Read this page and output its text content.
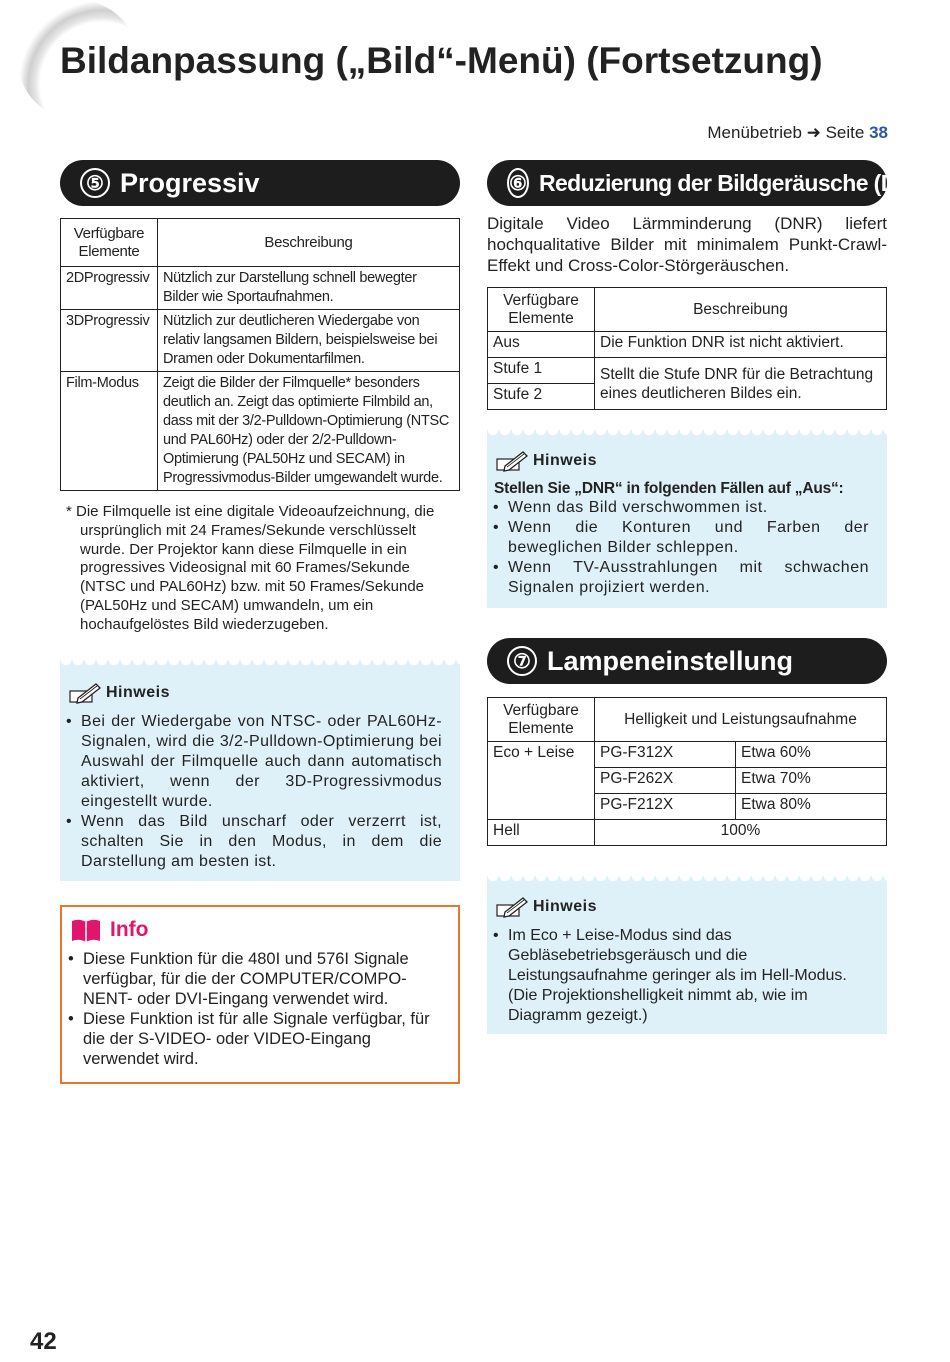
Bildanpassung („Bild“-Menü) (Fortsetzung)
Menübetrieb ➜ Seite 38
⑤ Progressiv
Verfügbare Elemente	Beschreibung
2DProgressiv	Nützlich zur Darstellung schnell bewegter Bilder wie Sportaufnahmen.
3DProgressiv	Nützlich zur deutlicheren Wiedergabe von relativ langsamen Bildern, beispielsweise bei Dramen oder Dokumentarfilmen.
Film-Modus	Zeigt die Bilder der Filmquelle* besonders deutlich an. Zeigt das optimierte Filmbild an, dass mit der 3/2-Pulldown-Optimierung (NTSC und PAL60Hz) oder der 2/2-Pulldown-Optimierung (PAL50Hz und SECAM) in Progressivmodus-Bilder umgewandelt wurde.
* Die Filmquelle ist eine digitale Videoaufzeichnung, die ursprünglich mit 24 Frames/Sekunde verschlüsselt wurde. Der Projektor kann diese Filmquelle in ein progressives Videosignal mit 60 Frames/Sekunde (NTSC und PAL60Hz) bzw. mit 50 Frames/Sekunde (PAL50Hz und SECAM) umwandeln, um ein hochaufgelöstes Bild wiederzugeben.
Hinweis
• Bei der Wiedergabe von NTSC- oder PAL60Hz-Signalen, wird die 3/2-Pulldown-Optimierung bei Auswahl der Filmquelle auch dann automatisch aktiviert, wenn der 3D-Progressivmodus eingestellt wurde.
• Wenn das Bild unscharf oder verzerrt ist, schalten Sie in den Modus, in dem die Darstellung am besten ist.
Info
• Diese Funktion für die 480I und 576I Signale verfügbar, für die der COMPUTER/COMPO-NENT- oder DVI-Eingang verwendet wird.
• Diese Funktion ist für alle Signale verfügbar, für die der S-VIDEO- oder VIDEO-Eingang verwendet wird.
⑥ Reduzierung der Bildgeräusche (DNR)
Digitale Video Lärmminderung (DNR) liefert hochqualitative Bilder mit minimalem Punkt-Crawl-Effekt und Cross-Color-Störgeräuschen.
Verfügbare Elemente	Beschreibung
Aus	Die Funktion DNR ist nicht aktiviert.
Stufe 1	Stellt die Stufe DNR für die Betrachtung eines deutlicheren Bildes ein.
Stufe 2	
Hinweis
Stellen Sie „DNR“ in folgenden Fällen auf „Aus“:
• Wenn das Bild verschwommen ist.
• Wenn die Konturen und Farben der beweglichen Bilder schleppen.
• Wenn TV-Ausstrahlungen mit schwachen Signalen projiziert werden.
⑦ Lampeneinstellung
Verfügbare Elemente	Helligkeit und Leistungsaufnahme	
Eco + Leise	PG-F312X	Etwa 60%
	PG-F262X	Etwa 70%
	PG-F212X	Etwa 80%
Hell	100%	
Hinweis
• Im Eco + Leise-Modus sind das Gebläsebetriebsgeräusch und die Leistungsaufnahme geringer als im Hell-Modus. (Die Projektionshelligkeit nimmt ab, wie im Diagramm gezeigt.)
42
